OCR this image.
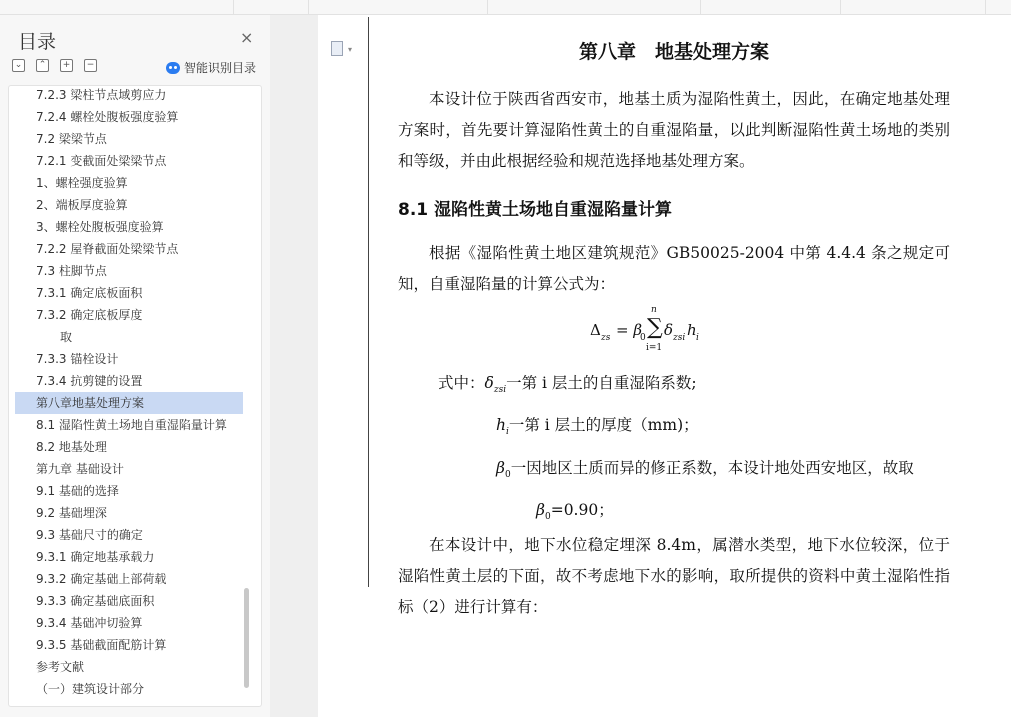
目录	×
⌄	⌃	+	−	智能识别目录
7.2.3 梁柱节点域剪应力
7.2.4 螺栓处腹板强度验算
7.2 梁梁节点
7.2.1 变截面处梁梁节点
1、螺栓强度验算
2、端板厚度验算
3、螺栓处腹板强度验算
7.2.2 屋脊截面处梁梁节点
7.3 柱脚节点
7.3.1 确定底板面积
7.3.2 确定底板厚度
取
7.3.3 锚栓设计
7.3.4 抗剪键的设置
第八章地基处理方案
8.1 湿陷性黄土场地自重湿陷量计算
8.2 地基处理
第九章 基础设计
9.1 基础的选择
9.2 基础埋深
9.3 基础尺寸的确定
9.3.1 确定地基承载力
9.3.2 确定基础上部荷载
9.3.3 确定基础底面积
9.3.4 基础冲切验算
9.3.5 基础截面配筋计算
参考文献
（一）建筑设计部分
▾	第八章　地基处理方案
本设计位于陕西省西安市，地基土质为湿陷性黄土，因此，在确定地基处理方案时，首先要计算湿陷性黄土的自重湿陷量，以此判断湿陷性黄土场地的类别和等级，并由此根据经验和规范选择地基处理方案。
8.1 湿陷性黄土场地自重湿陷量计算
根据《湿陷性黄土地区建筑规范》GB50025-2004 中第 4.4.4 条之规定可知，自重湿陷量的计算公式为：
Δ zs = β
0 ∑
n
i=1
δ zsi h i
式中：$\delta_{zsi}$一第 i 层土的自重湿陷系数;
$h_i$一第 i 层土的厚度（mm)；
$\beta_0$一因地区土质而异的修正系数，本设计地处西安地区，故取
$\beta_0=0.90$；
在本设计中，地下水位稳定埋深 8.4m，属潜水类型，地下水位较深，位于湿陷性黄土层的下面，故不考虑地下水的影响，取所提供的资料中黄土湿陷性指标（2）进行计算有：
